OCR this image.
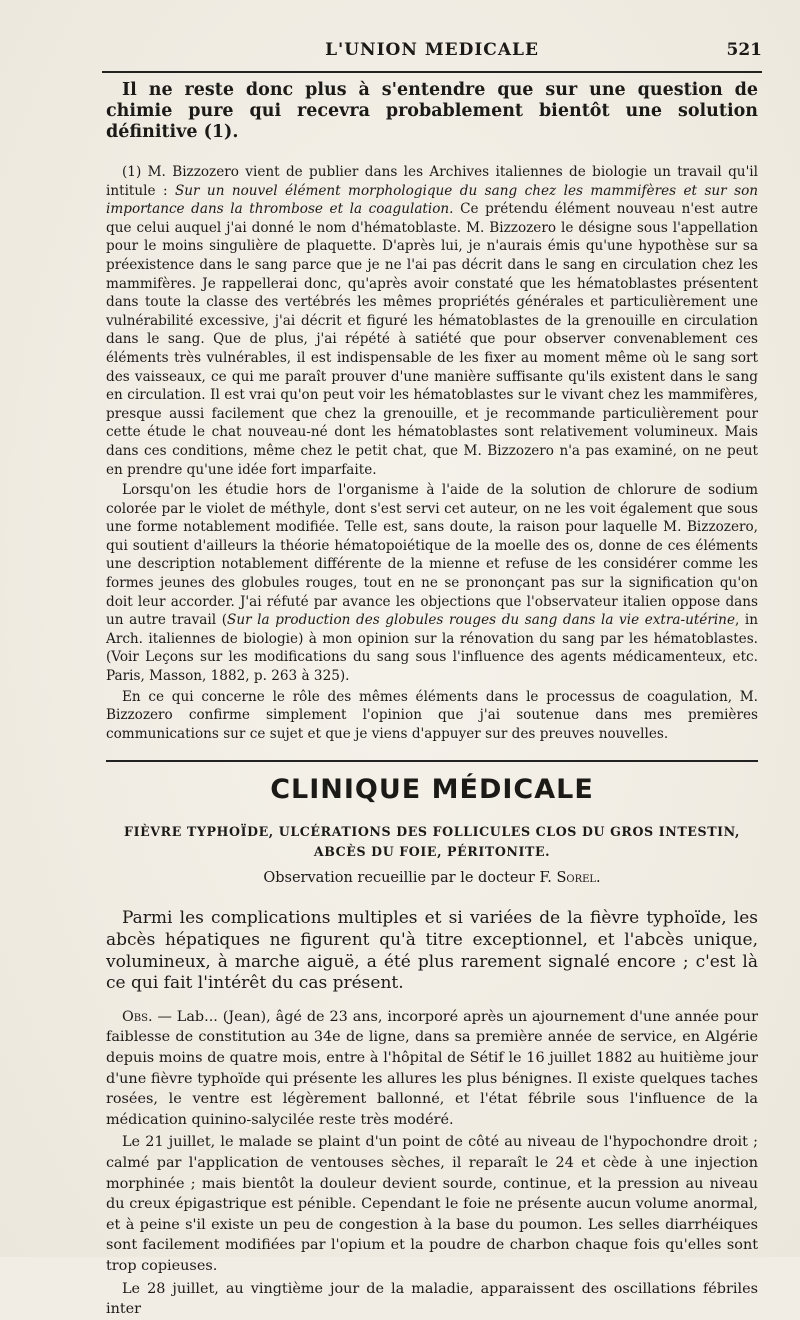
L'UNION MEDICALE	521

Il ne reste donc plus à s'entendre que sur une question de chimie pure qui recevra probablement bientôt une solution définitive (1).

(1) M. Bizzozero vient de publier dans les Archives italiennes de biologie un travail qu'il intitule : Sur un nouvel élément morphologique du sang chez les mammifères et sur son importance dans la thrombose et la coagulation. Ce prétendu élément nouveau n'est autre que celui auquel j'ai donné le nom d'hématoblaste. M. Bizzozero le désigne sous l'appellation pour le moins singulière de plaquette. D'après lui, je n'aurais émis qu'une hypothèse sur sa préexistence dans le sang parce que je ne l'ai pas décrit dans le sang en circulation chez les mammifères. Je rappellerai donc, qu'après avoir constaté que les hématoblastes présentent dans toute la classe des vertébrés les mêmes propriétés générales et particulièrement une vulnérabilité excessive, j'ai décrit et figuré les hématoblastes de la grenouille en circulation dans le sang. Que de plus, j'ai répété à satiété que pour observer convenablement ces éléments très vulnérables, il est indispensable de les fixer au moment même où le sang sort des vaisseaux, ce qui me paraît prouver d'une manière suffisante qu'ils existent dans le sang en circulation. Il est vrai qu'on peut voir les hématoblastes sur le vivant chez les mammifères, presque aussi facilement que chez la grenouille, et je recommande particulièrement pour cette étude le chat nouveau-né dont les hématoblastes sont relativement volumineux. Mais dans ces conditions, même chez le petit chat, que M. Bizzozero n'a pas examiné, on ne peut en prendre qu'une idée fort imparfaite.

Lorsqu'on les étudie hors de l'organisme à l'aide de la solution de chlorure de sodium colorée par le violet de méthyle, dont s'est servi cet auteur, on ne les voit également que sous une forme notablement modifiée. Telle est, sans doute, la raison pour laquelle M. Bizzozero, qui soutient d'ailleurs la théorie hématopoiétique de la moelle des os, donne de ces éléments une description notablement différente de la mienne et refuse de les considérer comme les formes jeunes des globules rouges, tout en ne se prononçant pas sur la signification qu'on doit leur accorder. J'ai réfuté par avance les objections que l'observateur italien oppose dans un autre travail (Sur la production des globules rouges du sang dans la vie extra-utérine, in Arch. italiennes de biologie) à mon opinion sur la rénovation du sang par les hématoblastes. (Voir Leçons sur les modifications du sang sous l'influence des agents médicamenteux, etc. Paris, Masson, 1882, p. 263 à 325).

En ce qui concerne le rôle des mêmes éléments dans le processus de coagulation, M. Bizzozero confirme simplement l'opinion que j'ai soutenue dans mes premières communications sur ce sujet et que je viens d'appuyer sur des preuves nouvelles.

CLINIQUE MÉDICALE
FIÈVRE TYPHOÏDE, ULCÉRATIONS DES FOLLICULES CLOS DU GROS INTESTIN, ABCÈS DU FOIE, PÉRITONITE.
Observation recueillie par le docteur F. Sorel.

Parmi les complications multiples et si variées de la fièvre typhoïde, les abcès hépatiques ne figurent qu'à titre exceptionnel, et l'abcès unique, volumineux, à marche aiguë, a été plus rarement signalé encore ; c'est là ce qui fait l'intérêt du cas présent.

Obs. — Lab... (Jean), âgé de 23 ans, incorporé après un ajournement d'une année pour faiblesse de constitution au 34e de ligne, dans sa première année de service, en Algérie depuis moins de quatre mois, entre à l'hôpital de Sétif le 16 juillet 1882 au huitième jour d'une fièvre typhoïde qui présente les allures les plus bénignes. Il existe quelques taches rosées, le ventre est légèrement ballonné, et l'état fébrile sous l'influence de la médication quinino-salycilée reste très modéré.

Le 21 juillet, le malade se plaint d'un point de côté au niveau de l'hypochondre droit ; calmé par l'application de ventouses sèches, il reparaît le 24 et cède à une injection morphinée ; mais bientôt la douleur devient sourde, continue, et la pression au niveau du creux épigastrique est pénible. Cependant le foie ne présente aucun volume anormal, et à peine s'il existe un peu de congestion à la base du poumon. Les selles diarrhéiques sont facilement modifiées par l'opium et la poudre de charbon chaque fois qu'elles sont trop copieuses.

Le 28 juillet, au vingtième jour de la maladie, apparaissent des oscillations fébriles inter
